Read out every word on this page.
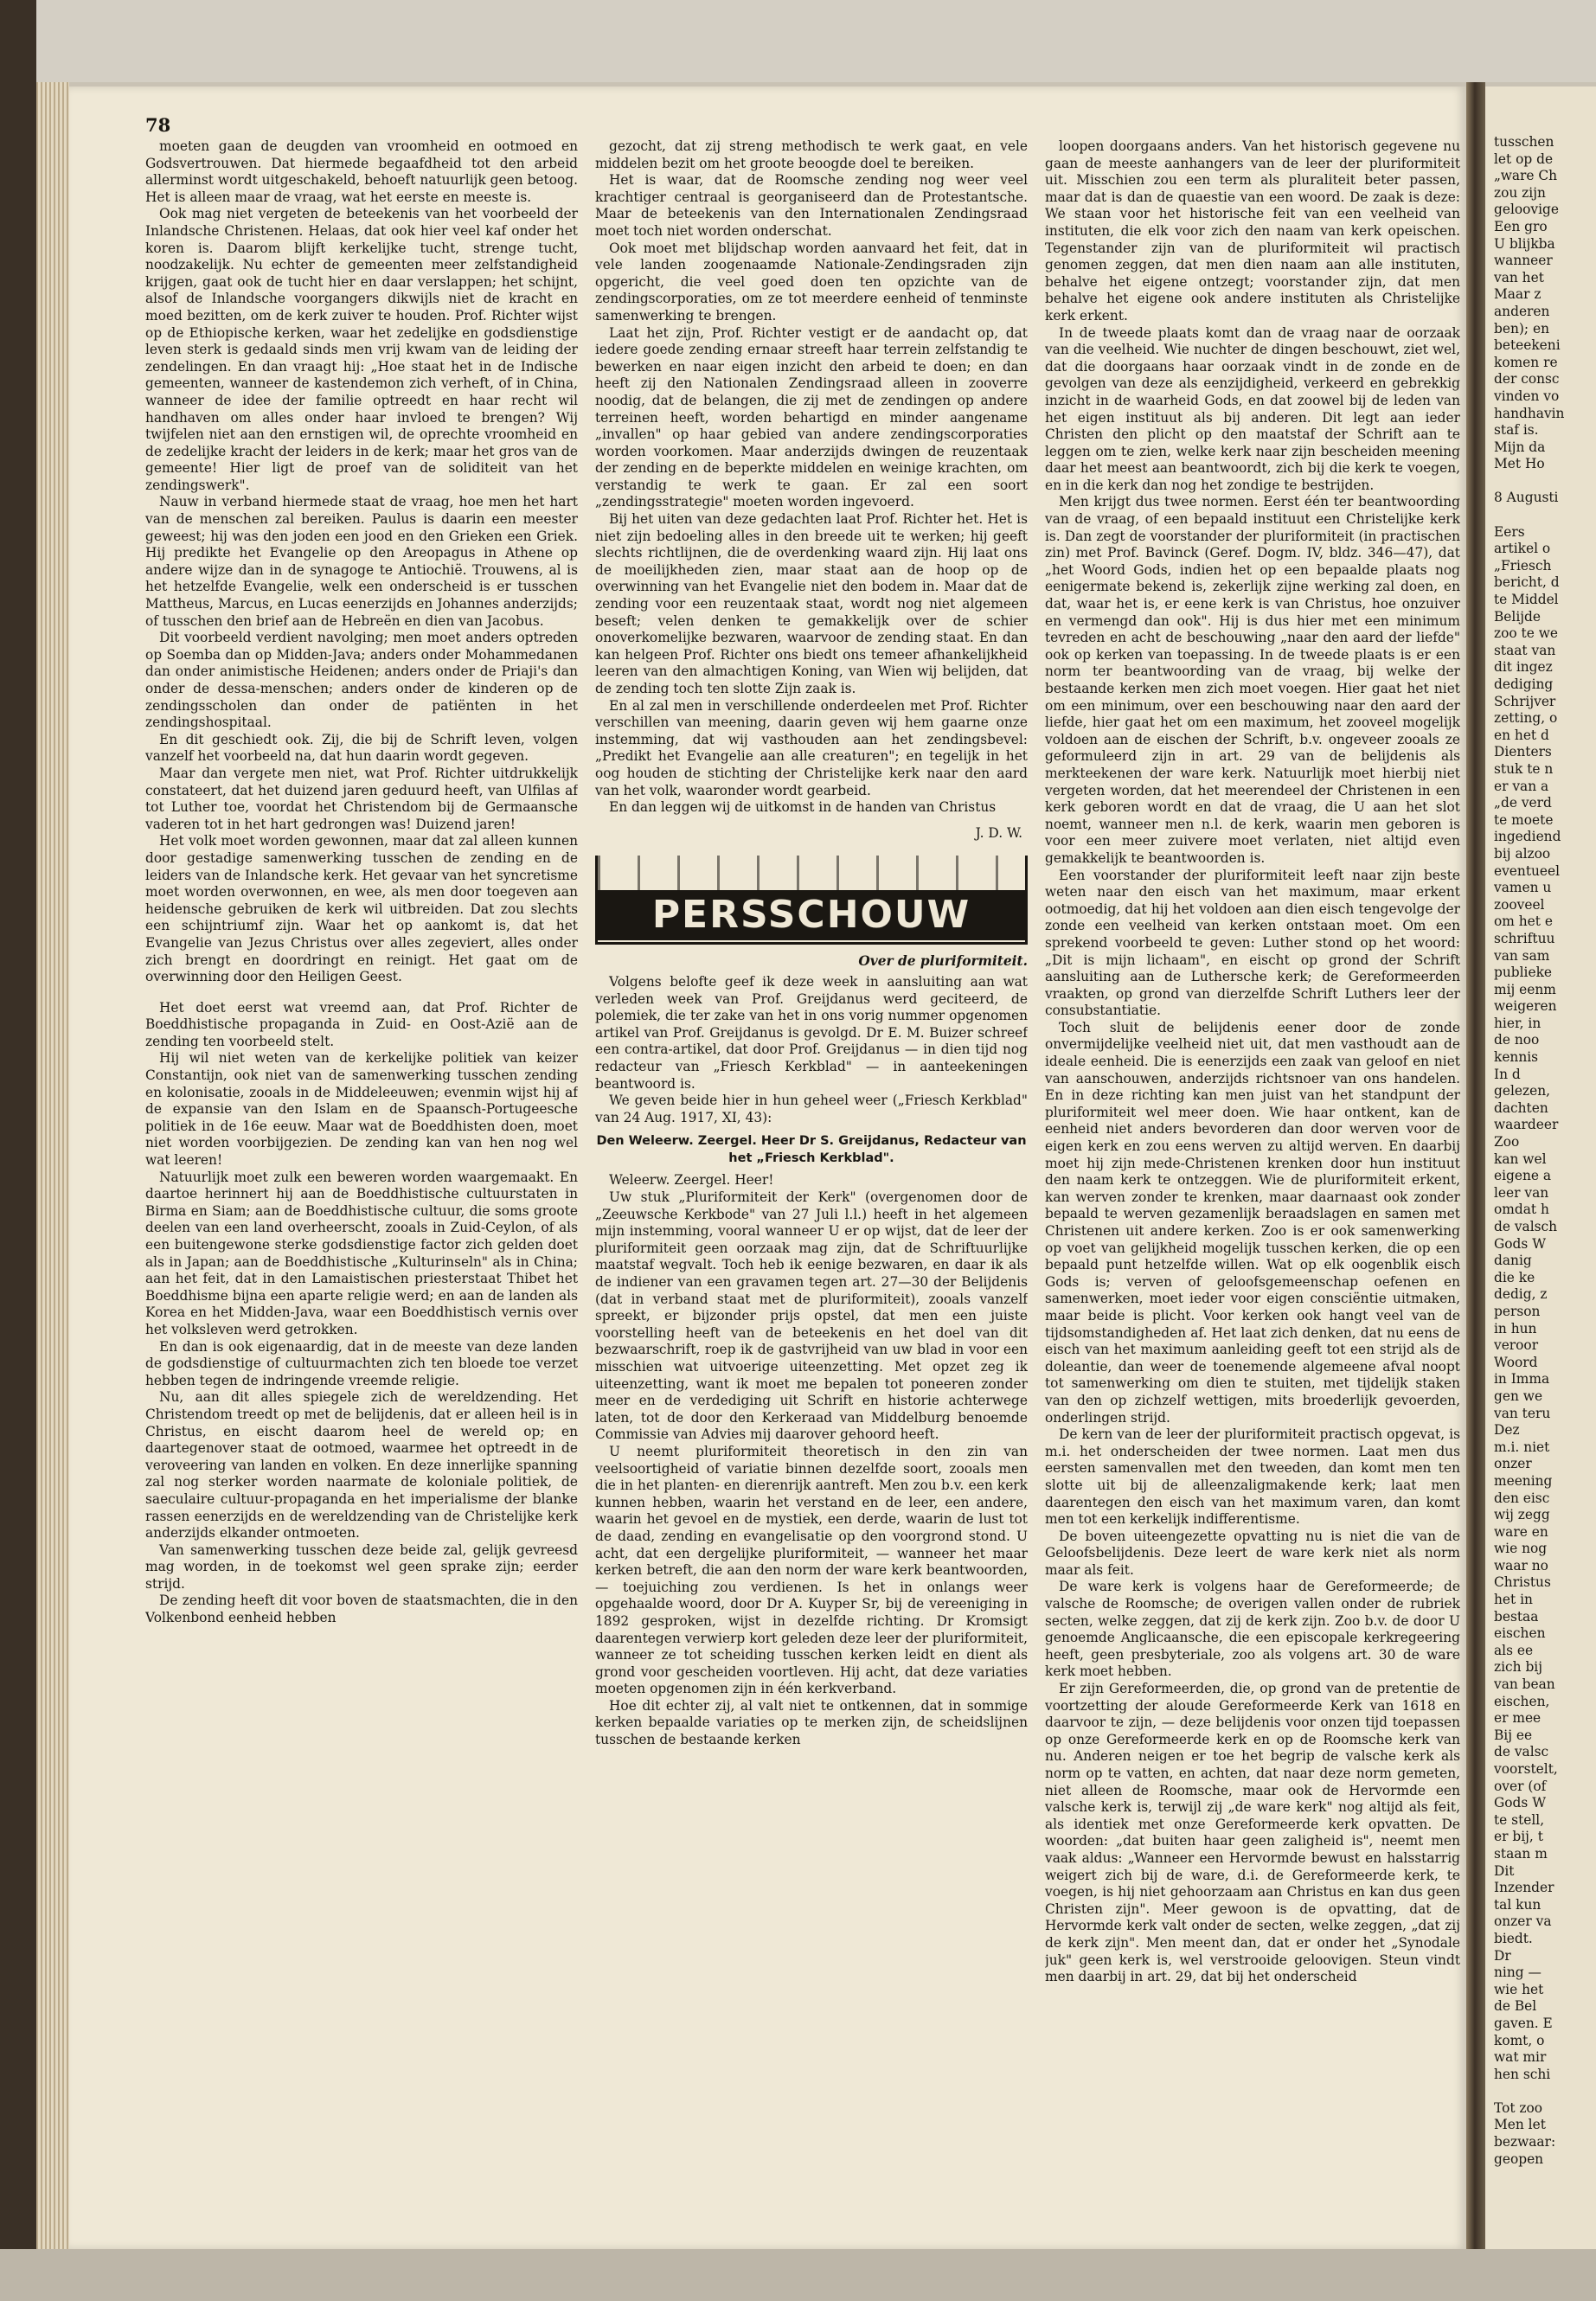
78

moeten gaan de deugden van vroomheid en ootmoed en Godsvertrouwen. Dat hiermede begaafdheid tot den arbeid allerminst wordt uitgeschakeld, behoeft natuurlijk geen betoog. Het is alleen maar de vraag, wat het eerste en meeste is.

Ook mag niet vergeten de beteekenis van het voorbeeld der Inlandsche Christenen. Helaas, dat ook hier veel kaf onder het koren is. Daarom blijft kerkelijke tucht, strenge tucht, noodzakelijk. Nu echter de gemeenten meer zelfstandigheid krijgen, gaat ook de tucht hier en daar verslappen; het schijnt, alsof de Inlandsche voorgangers dikwijls niet de kracht en moed bezitten, om de kerk zuiver te houden. Prof. Richter wijst op de Ethiopische kerken, waar het zedelijke en godsdienstige leven sterk is gedaald sinds men vrij kwam van de leiding der zendelingen. En dan vraagt hij: „Hoe staat het in de Indische gemeenten, wanneer de kastendemon zich verheft, of in China, wanneer de idee der familie optreedt en haar recht wil handhaven om alles onder haar invloed te brengen? Wij twijfelen niet aan den ernstigen wil, de oprechte vroomheid en de zedelijke kracht der leiders in de kerk; maar het gros van de gemeente! Hier ligt de proef van de soliditeit van het zendingswerk".

Nauw in verband hiermede staat de vraag, hoe men het hart van de menschen zal bereiken. Paulus is daarin een meester geweest; hij was den joden een jood en den Grieken een Griek. Hij predikte het Evangelie op den Areopagus in Athene op andere wijze dan in de synagoge te Antiochië. Trouwens, al is het hetzelfde Evangelie, welk een onderscheid is er tusschen Mattheus, Marcus, en Lucas eenerzijds en Johannes anderzijds; of tusschen den brief aan de Hebreën en dien van Jacobus.

Dit voorbeeld verdient navolging; men moet anders optreden op Soemba dan op Midden-Java; anders onder Mohammedanen dan onder animistische Heidenen; anders onder de Priaji's dan onder de dessa-menschen; anders onder de kinderen op de zendingsscholen dan onder de patiënten in het zendingshospitaal.

En dit geschiedt ook. Zij, die bij de Schrift leven, volgen vanzelf het voorbeeld na, dat hun daarin wordt gegeven.

Maar dan vergete men niet, wat Prof. Richter uitdrukkelijk constateert, dat het duizend jaren geduurd heeft, van Ulfilas af tot Luther toe, voordat het Christendom bij de Germaansche vaderen tot in het hart gedrongen was! Duizend jaren!

Het volk moet worden gewonnen, maar dat zal alleen kunnen door gestadige samenwerking tusschen de zending en de leiders van de Inlandsche kerk. Het gevaar van het syncretisme moet worden overwonnen, en wee, als men door toegeven aan heidensche gebruiken de kerk wil uitbreiden. Dat zou slechts een schijntriumf zijn. Waar het op aankomt is, dat het Evangelie van Jezus Christus over alles zegeviert, alles onder zich brengt en doordringt en reinigt. Het gaat om de overwinning door den Heiligen Geest.

Het doet eerst wat vreemd aan, dat Prof. Richter de Boeddhistische propaganda in Zuid- en Oost-Azië aan de zending ten voorbeeld stelt.

Hij wil niet weten van de kerkelijke politiek van keizer Constantijn, ook niet van de samenwerking tusschen zending en kolonisatie, zooals in de Middeleeuwen; evenmin wijst hij af de expansie van den Islam en de Spaansch-Portugeesche politiek in de 16e eeuw. Maar wat de Boeddhisten doen, moet niet worden voorbijgezien. De zending kan van hen nog wel wat leeren!

Natuurlijk moet zulk een beweren worden waargemaakt. En daartoe herinnert hij aan de Boeddhistische cultuurstaten in Birma en Siam; aan de Boeddhistische cultuur, die soms groote deelen van een land overheerscht, zooals in Zuid-Ceylon, of als een buitengewone sterke godsdienstige factor zich gelden doet als in Japan; aan de Boeddhistische „Kulturinseln" als in China; aan het feit, dat in den Lamaistischen priesterstaat Thibet het Boeddhisme bijna een aparte religie werd; en aan de landen als Korea en het Midden-Java, waar een Boeddhistisch vernis over het volksleven werd getrokken.

En dan is ook eigenaardig, dat in de meeste van deze landen de godsdienstige of cultuurmachten zich ten bloede toe verzet hebben tegen de indringende vreemde religie.

Nu, aan dit alles spiegele zich de wereldzending. Het Christendom treedt op met de belijdenis, dat er alleen heil is in Christus, en eischt daarom heel de wereld op; en daartegenover staat de ootmoed, waarmee het optreedt in de veroveering van landen en volken. En deze innerlijke spanning zal nog sterker worden naarmate de koloniale politiek, de saeculaire cultuur-propaganda en het imperialisme der blanke rassen eenerzijds en de wereldzending van de Christelijke kerk anderzijds elkander ontmoeten.

Van samenwerking tusschen deze beide zal, gelijk gevreesd mag worden, in de toekomst wel geen sprake zijn; eerder strijd.

De zending heeft dit voor boven de staatsmachten, die in den Volkenbond eenheid hebben

gezocht, dat zij streng methodisch te werk gaat, en vele middelen bezit om het groote beoogde doel te bereiken.

Het is waar, dat de Roomsche zending nog weer veel krachtiger centraal is georganiseerd dan de Protestantsche. Maar de beteekenis van den Internationalen Zendingsraad moet toch niet worden onderschat.

Ook moet met blijdschap worden aanvaard het feit, dat in vele landen zoogenaamde Nationale-Zendingsraden zijn opgericht, die veel goed doen ten opzichte van de zendingscorporaties, om ze tot meerdere eenheid of tenminste samenwerking te brengen.

Laat het zijn, Prof. Richter vestigt er de aandacht op, dat iedere goede zending ernaar streeft haar terrein zelfstandig te bewerken en naar eigen inzicht den arbeid te doen; en dan heeft zij den Nationalen Zendingsraad alleen in zooverre noodig, dat de belangen, die zij met de zendingen op andere terreinen heeft, worden behartigd en minder aangename „invallen" op haar gebied van andere zendingscorporaties worden voorkomen. Maar anderzijds dwingen de reuzentaak der zending en de beperkte middelen en weinige krachten, om verstandig te werk te gaan. Er zal een soort „zendingsstrategie" moeten worden ingevoerd.

Bij het uiten van deze gedachten laat Prof. Richter het. Het is niet zijn bedoeling alles in den breede uit te werken; hij geeft slechts richtlijnen, die de overdenking waard zijn. Hij laat ons de moeilijkheden zien, maar staat aan de hoop op de overwinning van het Evangelie niet den bodem in. Maar dat de zending voor een reuzentaak staat, wordt nog niet algemeen beseft; velen denken te gemakkelijk over de schier onoverkomelijke bezwaren, waarvoor de zending staat. En dan kan helgeen Prof. Richter ons biedt ons temeer afhankelijkheid leeren van den almachtigen Koning, van Wien wij belijden, dat de zending toch ten slotte Zijn zaak is.

En al zal men in verschillende onderdeelen met Prof. Richter verschillen van meening, daarin geven wij hem gaarne onze instemming, dat wij vasthouden aan het zendingsbevel: „Predikt het Evangelie aan alle creaturen"; en tegelijk in het oog houden de stichting der Christelijke kerk naar den aard van het volk, waaronder wordt gearbeid.

En dan leggen wij de uitkomst in de handen van Christus

J. D. W.
PERSSCHOUW
Over de pluriformiteit.

Volgens belofte geef ik deze week in aansluiting aan wat verleden week van Prof. Greijdanus werd geciteerd, de polemiek, die ter zake van het in ons vorig nummer opgenomen artikel van Prof. Greijdanus is gevolgd. Dr E. M. Buizer schreef een contra-artikel, dat door Prof. Greijdanus — in dien tijd nog redacteur van „Friesch Kerkblad" — in aanteekeningen beantwoord is.

We geven beide hier in hun geheel weer („Friesch Kerkblad" van 24 Aug. 1917, XI, 43):

Den Weleerw. Zeergel. Heer Dr S. Greijdanus, Redacteur van het „Friesch Kerkblad".

Weleerw. Zeergel. Heer!

Uw stuk „Pluriformiteit der Kerk" (overgenomen door de „Zeeuwsche Kerkbode" van 27 Juli l.l.) heeft in het algemeen mijn instemming, vooral wanneer U er op wijst, dat de leer der pluriformiteit geen oorzaak mag zijn, dat de Schriftuurlijke maatstaf wegvalt. Toch heb ik eenige bezwaren, en daar ik als de indiener van een gravamen tegen art. 27—30 der Belijdenis (dat in verband staat met de pluriformiteit), zooals vanzelf spreekt, er bijzonder prijs opstel, dat men een juiste voorstelling heeft van de beteekenis en het doel van dit bezwaarschrift, roep ik de gastvrijheid van uw blad in voor een misschien wat uitvoerige uiteenzetting. Met opzet zeg ik uiteenzetting, want ik moet me bepalen tot poneeren zonder meer en de verdediging uit Schrift en historie achterwege laten, tot de door den Kerkeraad van Middelburg benoemde Commissie van Advies mij daarover gehoord heeft.

U neemt pluriformiteit theoretisch in den zin van veelsoortigheid of variatie binnen dezelfde soort, zooals men die in het planten- en dierenrijk aantreft. Men zou b.v. een kerk kunnen hebben, waarin het verstand en de leer, een andere, waarin het gevoel en de mystiek, een derde, waarin de lust tot de daad, zending en evangelisatie op den voorgrond stond. U acht, dat een dergelijke pluriformiteit, — wanneer het maar kerken betreft, die aan den norm der ware kerk beantwoorden, — toejuiching zou verdienen. Is het in onlangs weer opgehaalde woord, door Dr A. Kuyper Sr, bij de vereeniging in 1892 gesproken, wijst in dezelfde richting. Dr Kromsigt daarentegen verwierp kort geleden deze leer der pluriformiteit, wanneer ze tot scheiding tusschen kerken leidt en dient als grond voor gescheiden voortleven. Hij acht, dat deze variaties moeten opgenomen zijn in één kerkverband.

Hoe dit echter zij, al valt niet te ontkennen, dat in sommige kerken bepaalde variaties op te merken zijn, de scheidslijnen tusschen de bestaande kerken

loopen doorgaans anders. Van het historisch gegevene nu gaan de meeste aanhangers van de leer der pluriformiteit uit. Misschien zou een term als pluraliteit beter passen, maar dat is dan de quaestie van een woord. De zaak is deze: We staan voor het historische feit van een veelheid van instituten, die elk voor zich den naam van kerk opeischen. Tegenstander zijn van de pluriformiteit wil practisch genomen zeggen, dat men dien naam aan alle instituten, behalve het eigene ontzegt; voorstander zijn, dat men behalve het eigene ook andere instituten als Christelijke kerk erkent.

In de tweede plaats komt dan de vraag naar de oorzaak van die veelheid. Wie nuchter de dingen beschouwt, ziet wel, dat die doorgaans haar oorzaak vindt in de zonde en de gevolgen van deze als eenzijdigheid, verkeerd en gebrekkig inzicht in de waarheid Gods, en dat zoowel bij de leden van het eigen instituut als bij anderen. Dit legt aan ieder Christen den plicht op den maatstaf der Schrift aan te leggen om te zien, welke kerk naar zijn bescheiden meening daar het meest aan beantwoordt, zich bij die kerk te voegen, en in die kerk dan nog het zondige te bestrijden.

Men krijgt dus twee normen. Eerst één ter beantwoording van de vraag, of een bepaald instituut een Christelijke kerk is. Dan zegt de voorstander der pluriformiteit (in practischen zin) met Prof. Bavinck (Geref. Dogm. IV, bldz. 346—47), dat „het Woord Gods, indien het op een bepaalde plaats nog eenigermate bekend is, zekerlijk zijne werking zal doen, en dat, waar het is, er eene kerk is van Christus, hoe onzuiver en vermengd dan ook". Hij is dus hier met een minimum tevreden en acht de beschouwing „naar den aard der liefde" ook op kerken van toepassing. In de tweede plaats is er een norm ter beantwoording van de vraag, bij welke der bestaande kerken men zich moet voegen. Hier gaat het niet om een minimum, over een beschouwing naar den aard der liefde, hier gaat het om een maximum, het zooveel mogelijk voldoen aan de eischen der Schrift, b.v. ongeveer zooals ze geformuleerd zijn in art. 29 van de belijdenis als merkteekenen der ware kerk. Natuurlijk moet hierbij niet vergeten worden, dat het meerendeel der Christenen in een kerk geboren wordt en dat de vraag, die U aan het slot noemt, wanneer men n.l. de kerk, waarin men geboren is voor een meer zuivere moet verlaten, niet altijd even gemakkelijk te beantwoorden is.

Een voorstander der pluriformiteit leeft naar zijn beste weten naar den eisch van het maximum, maar erkent ootmoedig, dat hij het voldoen aan dien eisch tengevolge der zonde een veelheid van kerken ontstaan moet. Om een sprekend voorbeeld te geven: Luther stond op het woord: „Dit is mijn lichaam", en eischt op grond der Schrift aansluiting aan de Luthersche kerk; de Gereformeerden vraakten, op grond van dierzelfde Schrift Luthers leer der consubstantiatie.

Toch sluit de belijdenis eener door de zonde onvermijdelijke veelheid niet uit, dat men vasthoudt aan de ideale eenheid. Die is eenerzijds een zaak van geloof en niet van aanschouwen, anderzijds richtsnoer van ons handelen. En in deze richting kan men juist van het standpunt der pluriformiteit wel meer doen. Wie haar ontkent, kan de eenheid niet anders bevorderen dan door werven voor de eigen kerk en zou eens werven zu altijd werven. En daarbij moet hij zijn mede-Christenen krenken door hun instituut den naam kerk te ontzeggen. Wie de pluriformiteit erkent, kan werven zonder te krenken, maar daarnaast ook zonder bepaald te werven gezamenlijk beraadslagen en samen met Christenen uit andere kerken. Zoo is er ook samenwerking op voet van gelijkheid mogelijk tusschen kerken, die op een bepaald punt hetzelfde willen. Wat op elk oogenblik eisch Gods is; verven of geloofsgemeenschap oefenen en samenwerken, moet ieder voor eigen consciëntie uitmaken, maar beide is plicht. Voor kerken ook hangt veel van de tijdsomstandigheden af. Het laat zich denken, dat nu eens de eisch van het maximum aanleiding geeft tot een strijd als de doleantie, dan weer de toenemende algemeene afval noopt tot samenwerking om dien te stuiten, met tijdelijk staken van den op zichzelf wettigen, mits broederlijk gevoerden, onderlingen strijd.

De kern van de leer der pluriformiteit practisch opgevat, is m.i. het onderscheiden der twee normen. Laat men dus eersten samenvallen met den tweeden, dan komt men ten slotte uit bij de alleenzaligmakende kerk; laat men daarentegen den eisch van het maximum varen, dan komt men tot een kerkelijk indifferentisme.

De boven uiteengezette opvatting nu is niet die van de Geloofsbelijdenis. Deze leert de ware kerk niet als norm maar als feit.

De ware kerk is volgens haar de Gereformeerde; de valsche de Roomsche; de overigen vallen onder de rubriek secten, welke zeggen, dat zij de kerk zijn. Zoo b.v. de door U genoemde Anglicaansche, die een episcopale kerkregeering heeft, geen presbyteriale, zoo als volgens art. 30 de ware kerk moet hebben.

Er zijn Gereformeerden, die, op grond van de pretentie de voortzetting der aloude Gereformeerde Kerk van 1618 en daarvoor te zijn, — deze belijdenis voor onzen tijd toepassen op onze Gereformeerde kerk en op de Roomsche kerk van nu. Anderen neigen er toe het begrip de valsche kerk als norm op te vatten, en achten, dat naar deze norm gemeten, niet alleen de Roomsche, maar ook de Hervormde een valsche kerk is, terwijl zij „de ware kerk" nog altijd als feit, als identiek met onze Gereformeerde kerk opvatten. De woorden: „dat buiten haar geen zaligheid is", neemt men vaak aldus: „Wanneer een Hervormde bewust en halsstarrig weigert zich bij de ware, d.i. de Gereformeerde kerk, te voegen, is hij niet gehoorzaam aan Christus en kan dus geen Christen zijn". Meer gewoon is de opvatting, dat de Hervormde kerk valt onder de secten, welke zeggen, „dat zij de kerk zijn". Men meent dan, dat er onder het „Synodale juk" geen kerk is, wel verstrooide geloovigen. Steun vindt men daarbij in art. 29, dat bij het onderscheid

tusschen
let op de
„ware Ch
zou zijn
geloovige
Een gro
U blijkba
wanneer
van het
Maar z
anderen
ben); en
beteekeni
komen re
der consc
vinden vo
handhavin
staf is.
Mijn da
Met Ho

8 Augusti

Eers
artikel o
„Friesch
bericht, d
te Middel
Belijde
zoo te we
staat van
dit ingez
dediging
Schrijver
zetting, o
en het d
Dienters
stuk te n
er van a
„de verd
te moete
ingediend
bij alzoo
eventueel
vamen u
zooveel
om het e
schriftuu
van sam
publieke
mij eenm
weigeren
hier, in
de noo
kennis
In d
gelezen,
dachten
waardeer
Zoo
kan wel
eigene a
leer van
omdat h
de valsch
Gods W
danig
die ke
dedig, z
person
in hun
veroor
Woord
in Imma
gen we
van teru
Dez
m.i. niet
onzer
meening
den eisc
wij zegg
ware en
wie nog
waar no
Christus
het in
bestaa
eischen
als ee
zich bij
van bean
eischen,
er mee
Bij ee
de valsc
voorstelt,
over (of
Gods W
te stell,
er bij, t
staan m
Dit
Inzender
tal kun
onzer va
biedt.
Dr
ning —
wie het
de Bel
gaven. E
komt, o
wat mir
hen schi

Tot zoo
Men let
bezwaar:
geopen
